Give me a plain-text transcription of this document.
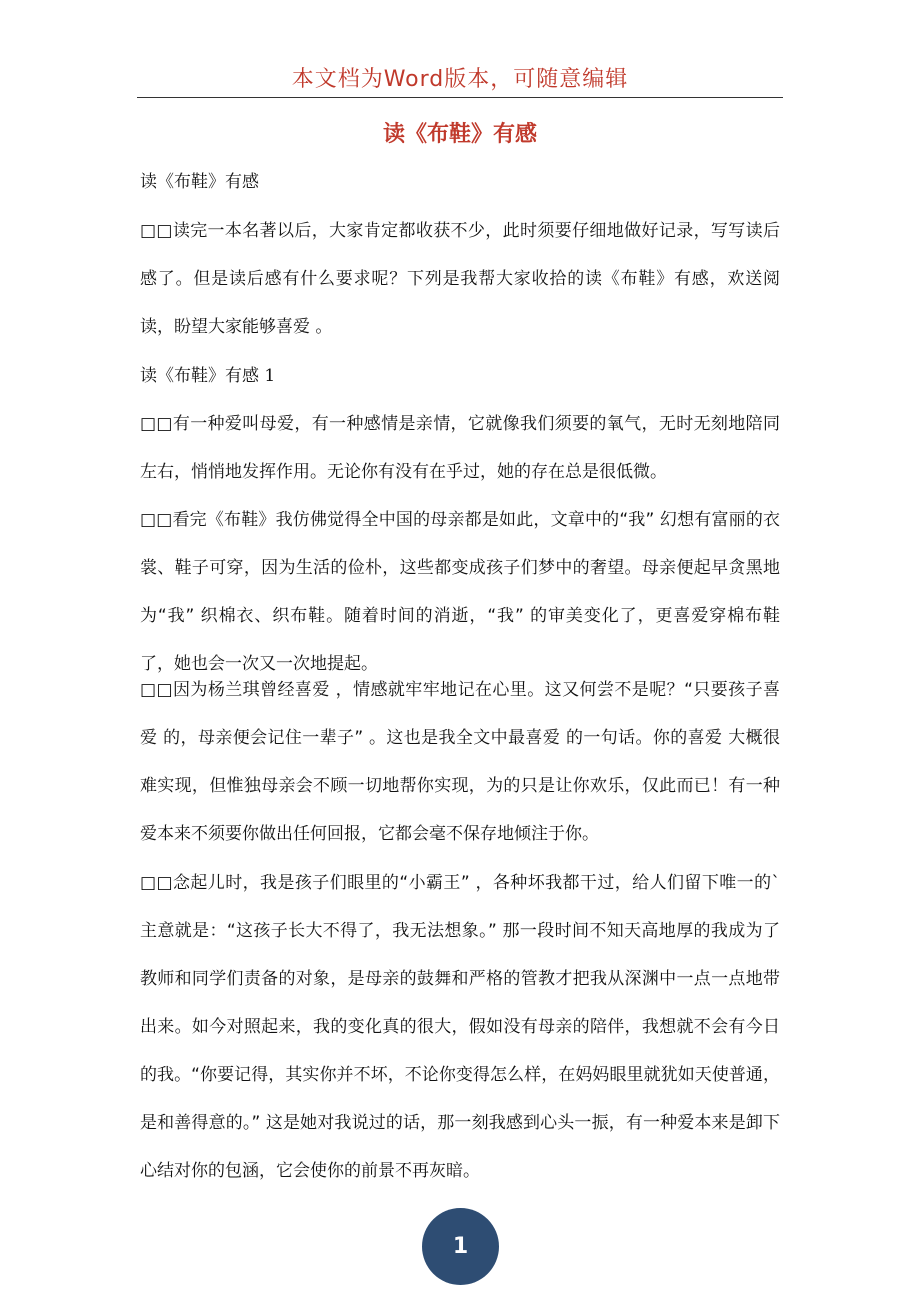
本文档为Word版本，可随意编辑
读《布鞋》有感

读《布鞋》有感

□□读完一本名著以后，大家肯定都收获不少，此时须要仔细地做好记录，写写读后感了。但是读后感有什么要求呢？下列是我帮大家收拾的读《布鞋》有感，欢送阅读，盼望大家能够喜爱 。

读《布鞋》有感 1

□□有一种爱叫母爱，有一种感情是亲情，它就像我们须要的氧气，无时无刻地陪同左右，悄悄地发挥作用。无论你有没有在乎过，她的存在总是很低微。

□□看完《布鞋》我仿佛觉得全中国的母亲都是如此，文章中的“我” 幻想有富丽的衣裳、鞋子可穿，因为生活的俭朴，这些都变成孩子们梦中的奢望。母亲便起早贪黑地为“我” 织棉衣、织布鞋。随着时间的消逝，“我” 的审美变化了，更喜爱穿棉布鞋了，她也会一次又一次地提起。

□□因为杨兰琪曾经喜爱 ，情感就牢牢地记在心里。这又何尝不是呢？“只要孩子喜爱 的，母亲便会记住一辈子” 。这也是我全文中最喜爱 的一句话。你的喜爱 大概很难实现，但惟独母亲会不顾一切地帮你实现，为的只是让你欢乐，仅此而已！有一种爱本来不须要你做出任何回报，它都会毫不保存地倾注于你。

□□念起儿时，我是孩子们眼里的“小霸王” ，各种坏我都干过，给人们留下唯一的`主意就是：“这孩子长大不得了，我无法想象。” 那一段时间不知天高地厚的我成为了教师和同学们责备的对象，是母亲的鼓舞和严格的管教才把我从深渊中一点一点地带出来。如今对照起来，我的变化真的很大，假如没有母亲的陪伴，我想就不会有今日的我。“你要记得，其实你并不坏，不论你变得怎么样，在妈妈眼里就犹如天使普通，是和善得意的。” 这是她对我说过的话，那一刻我感到心头一振，有一种爱本来是卸下心结对你的包涵，它会使你的前景不再灰暗。

1
